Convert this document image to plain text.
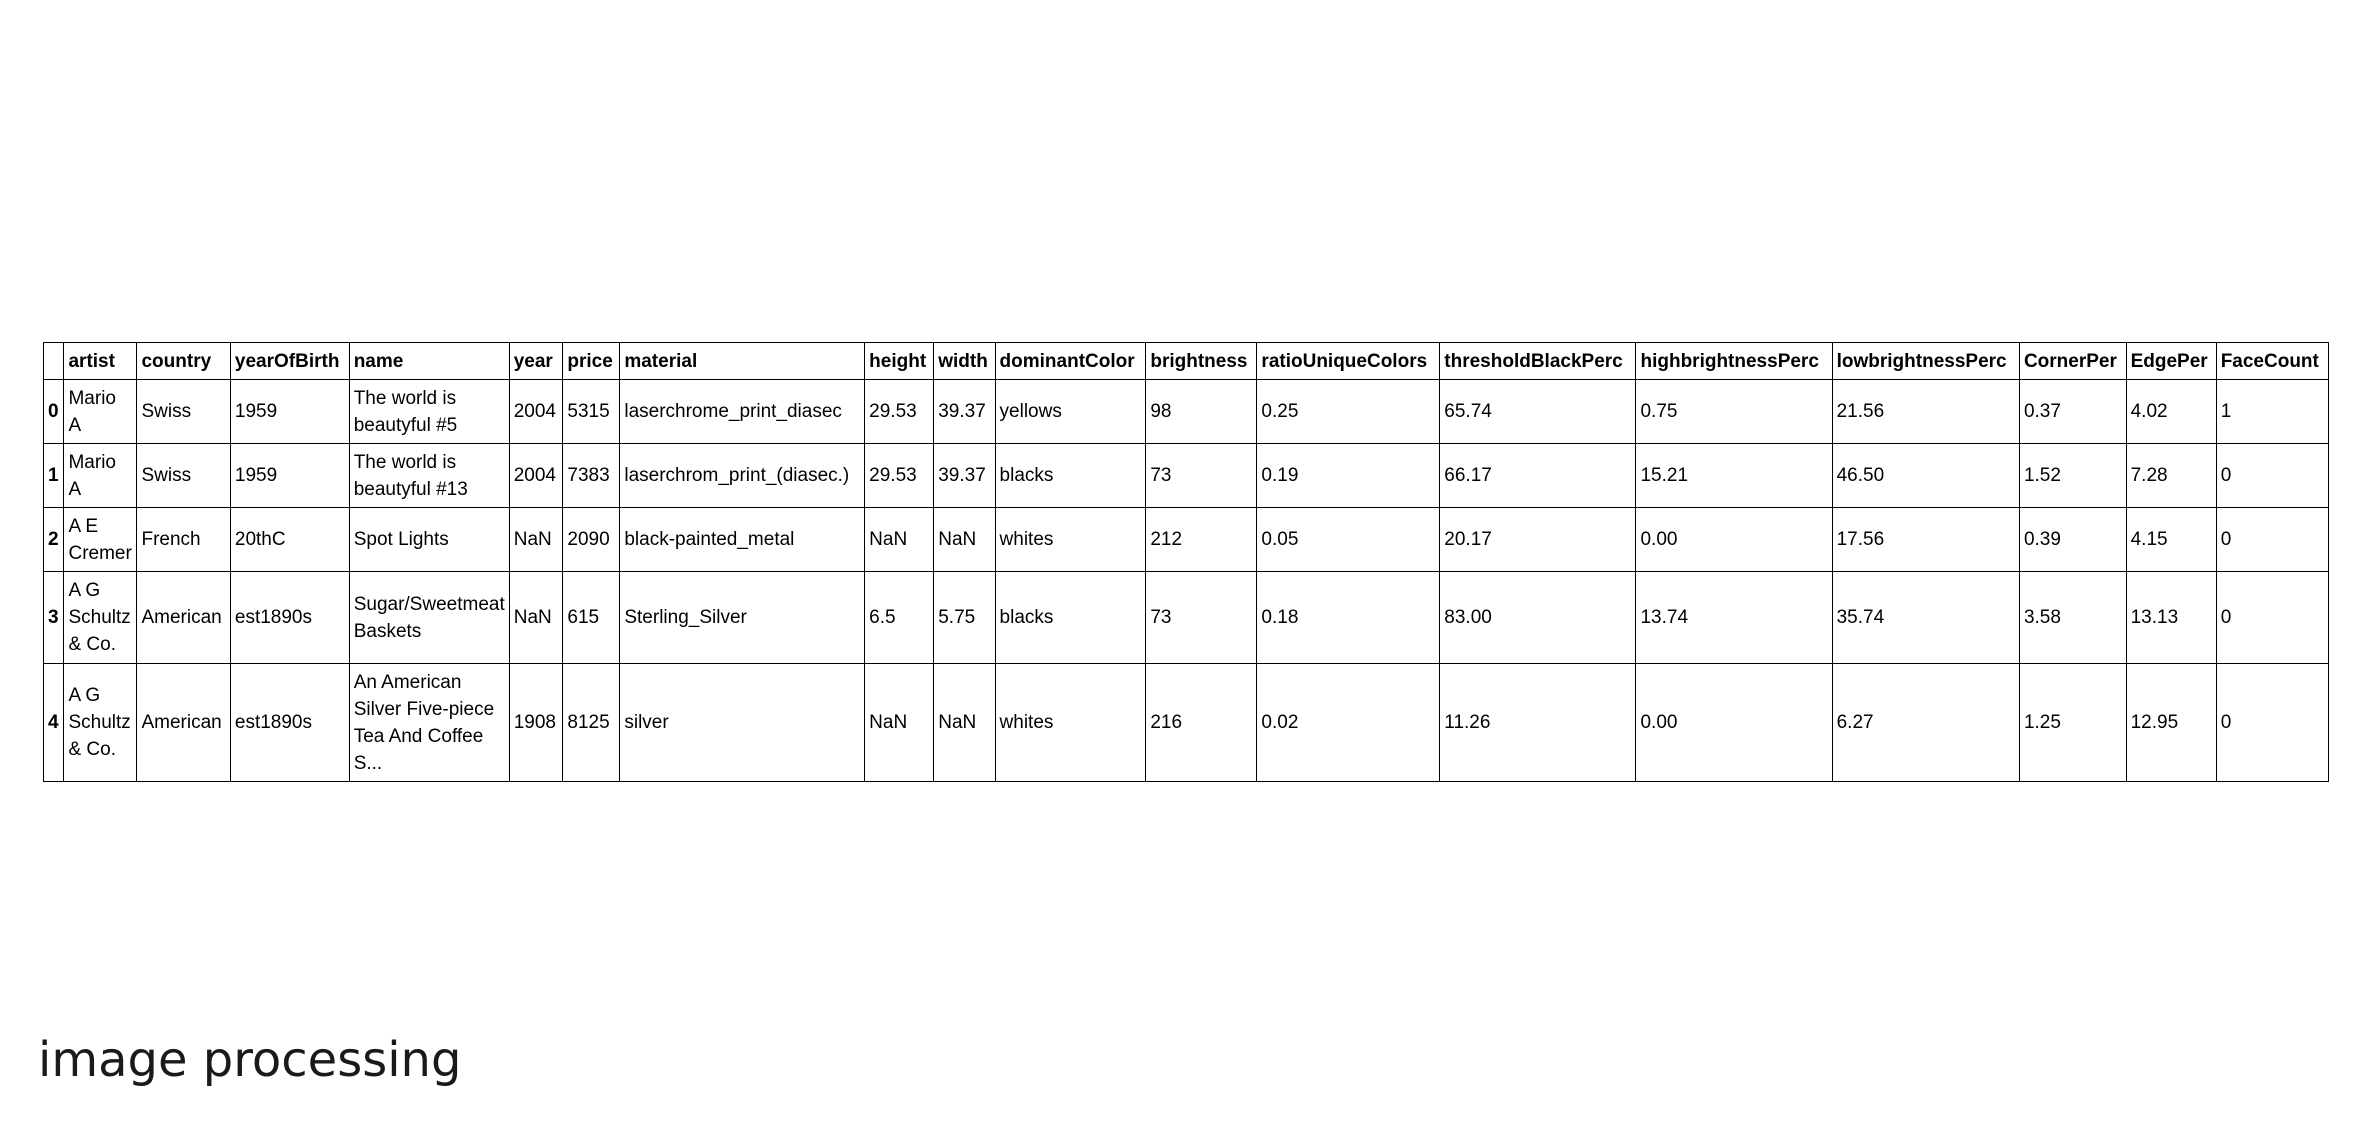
	artist	country	yearOfBirth	name	year	price	material	height	width	dominantColor	brightness	ratioUniqueColors	thresholdBlackPerc	highbrightnessPerc	lowbrightnessPerc	CornerPer	EdgePer	FaceCount
0	Mario A	Swiss	1959	The world is beautyful #5	2004	5315	laserchrome_print_diasec	29.53	39.37	yellows	98	0.25	65.74	0.75	21.56	0.37	4.02	1
1	Mario A	Swiss	1959	The world is beautyful #13	2004	7383	laserchrom_print_(diasec.)	29.53	39.37	blacks	73	0.19	66.17	15.21	46.50	1.52	7.28	0
2	A E Cremer	French	20thC	Spot Lights	NaN	2090	black-painted_metal	NaN	NaN	whites	212	0.05	20.17	0.00	17.56	0.39	4.15	0
3	A G Schultz & Co.	American	est1890s	Sugar/Sweetmeat Baskets	NaN	615	Sterling_Silver	6.5	5.75	blacks	73	0.18	83.00	13.74	35.74	3.58	13.13	0
4	A G Schultz & Co.	American	est1890s	An American Silver Five-piece Tea And Coffee S...	1908	8125	silver	NaN	NaN	whites	216	0.02	11.26	0.00	6.27	1.25	12.95	0
image processing
